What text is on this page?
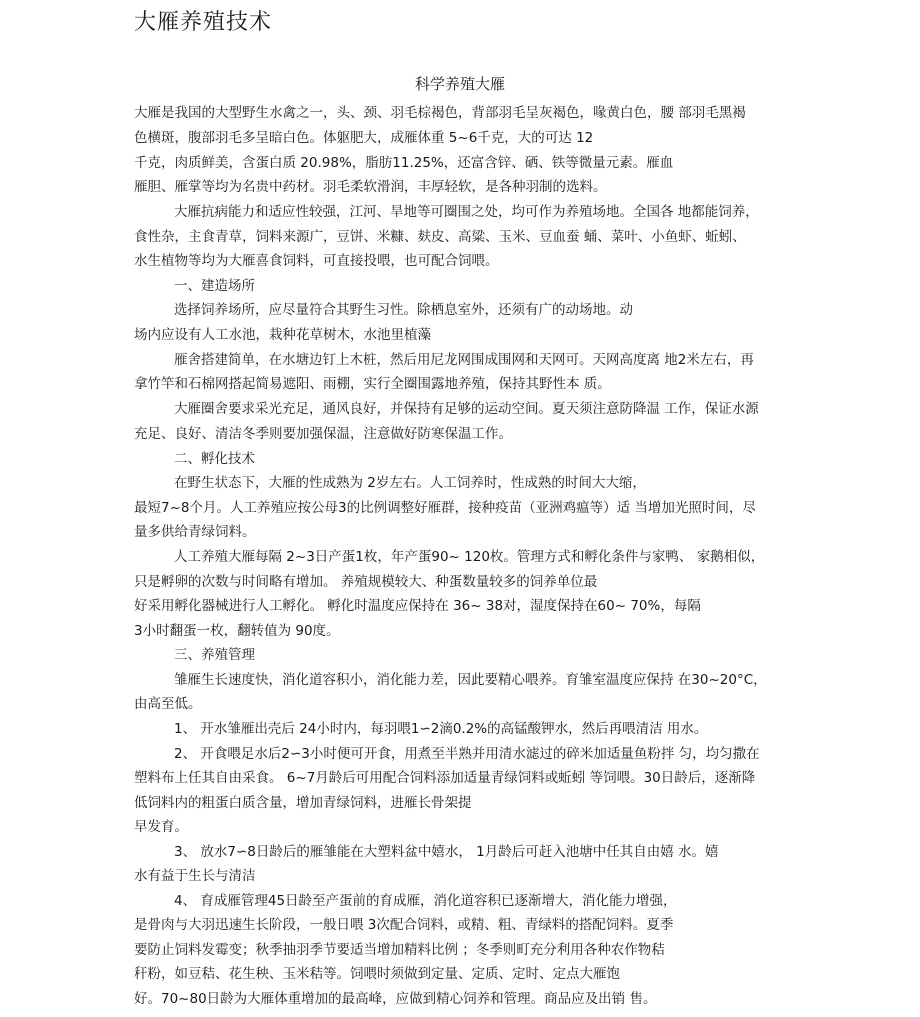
大雁养殖技术
科学养殖大雁

大雁是我国的大型野生水禽之一，头、颈、羽毛棕褐色，背部羽毛呈灰褐色，喙黄白色，腰 部羽毛黑褐

色横斑，腹部羽毛多呈暗白色。体躯肥大，成雁体重 5~6千克，大的可达 12

千克，肉质鲜美，含蛋白质 20.98%，脂肪11.25%，还富含锌、硒、铁等微量元素。雁血

雁胆、雁掌等均为名贵中药材。羽毛柔软滑润，丰厚轻软，是各种羽制的选料。

大雁抗病能力和适应性较强，江河、旱地等可圈围之处，均可作为养殖场地。全国各 地都能饲养，

食性杂，主食青草，饲料来源广，豆饼、米糠、麸皮、高粱、玉米、豆血蚕 蛹、菜叶、小鱼虾、蚯蚓、

水生植物等均为大雁喜食饲料，可直接投喂，也可配合饲喂。

一、建造场所

选择饲养场所，应尽量符合其野生习性。除栖息室外，还须有广的动场地。动

场内应设有人工水池，栽种花草树木，水池里植藻

雁舍搭建简单，在水塘边钉上木桩，然后用尼龙网围成围网和天网可。天网高度离 地2米左右，再

拿竹竿和石棉网搭起简易遮阳、雨棚，实行全圈围露地养殖，保持其野性本 质。

大雁圈舍要求采光充足，通风良好，并保持有足够的运动空间。夏天须注意防降温 工作，保证水源

充足、良好、清洁冬季则要加强保温，注意做好防寒保温工作。

二、孵化技术

在野生状态下，大雁的性成熟为 2岁左右。人工饲养时，性成熟的时间大大缩，

最短7~8个月。人工养殖应按公母3的比例调整好雁群，接种疫苗（亚洲鸡瘟等）适 当增加光照时间，尽

量多供给青绿饲料。

人工养殖大雁每隔 2~3日产蛋1枚，年产蛋90~ 120枚。管理方式和孵化条件与家鸭、 家鹅相似，

只是孵卵的次数与时间略有增加。 养殖规模较大、种蛋数量较多的饲养单位最

好采用孵化器械进行人工孵化。 孵化时温度应保持在 36~ 38对，湿度保持在60~ 70%，每隔

3小时翻蛋一枚，翻转值为 90度。

三、养殖管理

雏雁生长速度快，消化道容积小，消化能力差，因此要精心喂养。育雏室温度应保持 在30~20°C，

由高至低。

1、 开水雏雁出壳后 24小时内，每羽喂1∽2滴0.2%的高锰酸钾水，然后再喂清洁 用水。

2、 开食喂足水后2∽3小时便可开食，用煮至半熟并用清水滤过的碎米加适量鱼粉拌 匀，均匀撒在

塑料布上任其自由采食。 6~7月龄后可用配合饲料添加适量青绿饲料或蚯蚓 等饲喂。30日龄后，逐渐降

低饲料内的粗蛋白质含量，增加青绿饲料，进雁长骨架提

早发育。

3、 放水7∽8日龄后的雁雏能在大塑料盆中嬉水， 1月龄后可赶入池塘中任其自由嬉 水。嬉

水有益于生长与清洁

4、 育成雁管理45日龄至产蛋前的育成雁，消化道容积已逐渐增大，消化能力增强，

是骨肉与大羽迅速生长阶段，一般日喂 3次配合饲料，或精、粗、青绿料的搭配饲料。夏季

要防止饲料发霉变；秋季抽羽季节要适当增加精料比例 ；冬季则町充分利用各种农作物秸

秆粉，如豆秸、花生秧、玉米秸等。饲喂时须做到定量、定质、定时、定点大雁饱

好。70~80日龄为大雁体重增加的最高峰，应做到精心饲养和管理。商品应及出销 售。
